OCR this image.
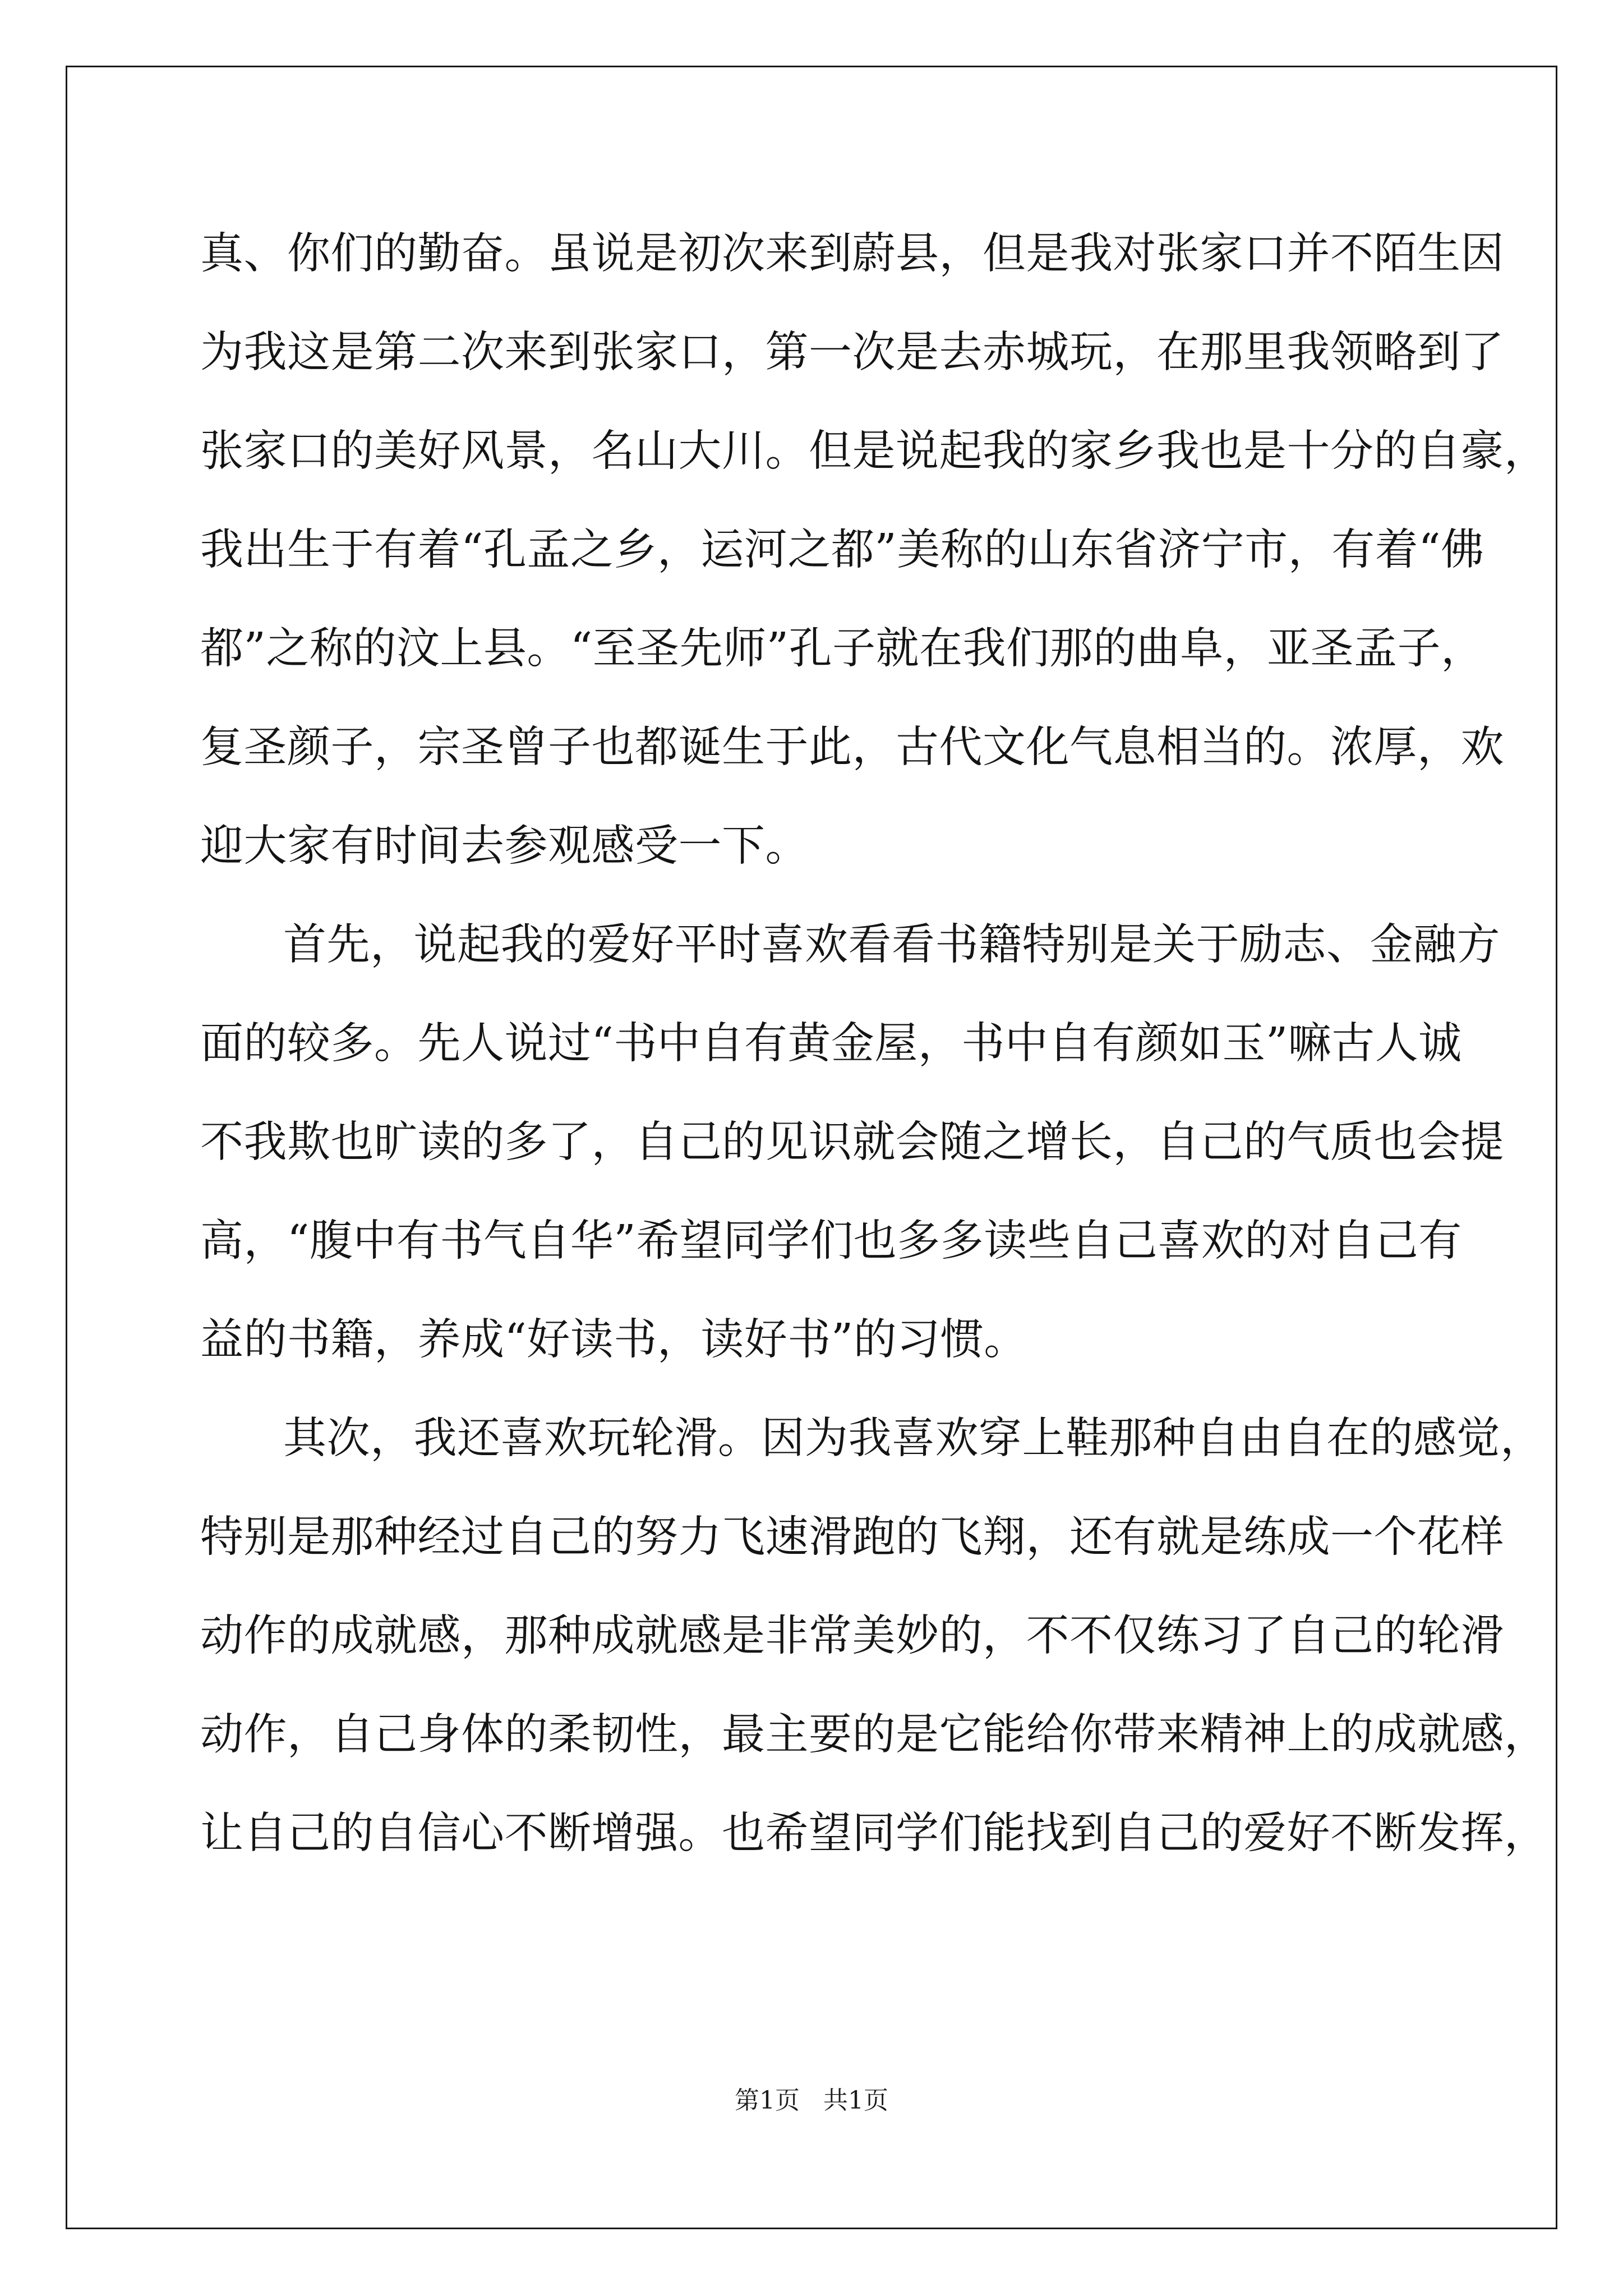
真、你们的勤奋。虽说是初次来到蔚县，但是我对张家口并不陌生因
为我这是第二次来到张家口，第一次是去赤城玩，在那里我领略到了
张家口的美好风景，名山大川。但是说起我的家乡我也是十分的自豪，
我出生于有着“孔孟之乡，运河之都”美称的山东省济宁市，有着“佛
都”之称的汶上县。“至圣先师”孔子就在我们那的曲阜，亚圣孟子，
复圣颜子，宗圣曾子也都诞生于此，古代文化气息相当的。浓厚，欢
迎大家有时间去参观感受一下。
首先，说起我的爱好平时喜欢看看书籍特别是关于励志、金融方
面的较多。先人说过“书中自有黄金屋，书中自有颜如玉”嘛古人诚
不我欺也旷读的多了，自己的见识就会随之增长，自己的气质也会提
高，“腹中有书气自华”希望同学们也多多读些自己喜欢的对自己有
益的书籍，养成“好读书，读好书”的习惯。
其次，我还喜欢玩轮滑。因为我喜欢穿上鞋那种自由自在的感觉，
特别是那种经过自己的努力飞速滑跑的飞翔，还有就是练成一个花样
动作的成就感，那种成就感是非常美妙的，不不仅练习了自己的轮滑
动作，自己身体的柔韧性，最主要的是它能给你带来精神上的成就感，
让自己的自信心不断增强。也希望同学们能找到自己的爱好不断发挥，
第1页   共1页
